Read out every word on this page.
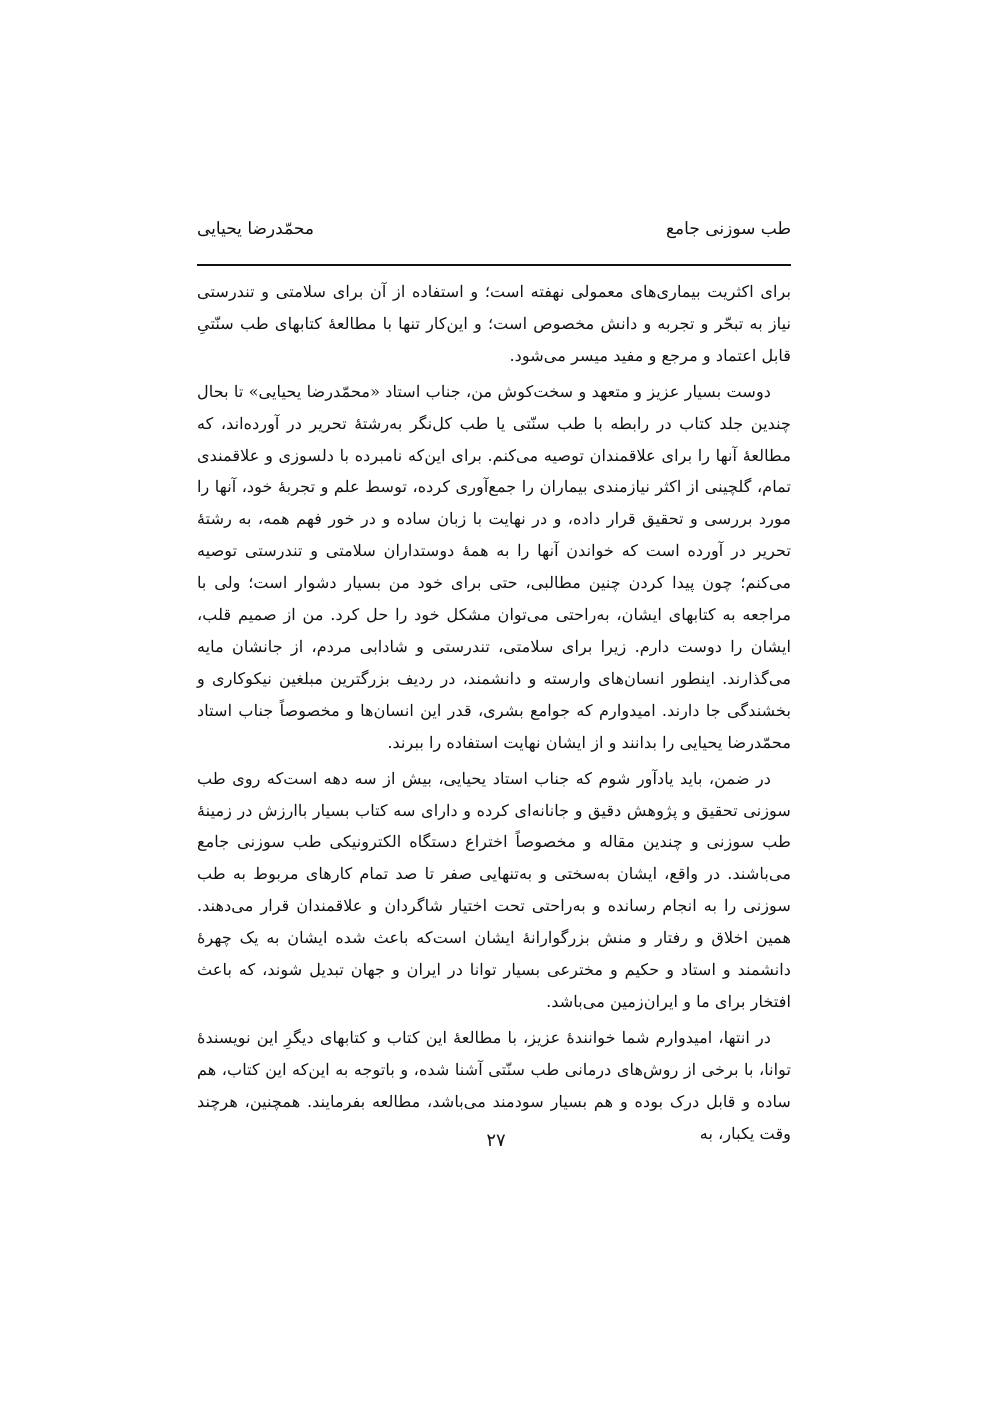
طب سوزنی جامع
محمّدرضا یحیایی

برای اکثریت بیماری‌های معمولی نهفته است؛ و استفاده از آن برای سلامتی و تندرستی نیاز به تبحّر و تجربه و دانش مخصوص است؛ و این‌کار تنها با مطالعهٔ کتابهای طب سنّتیِ قابل اعتماد و مرجع و مفید میسر می‌شود.

دوست بسیار عزیز و متعهد و سخت‌کوش من، جناب استاد «محمّدرضا یحیایی» تا بحال چندین جلد کتاب در رابطه با طب سنّتی یا طب کل‌نگر به‌رشتهٔ تحریر در آورده‌اند، که مطالعهٔ آنها را برای علاقمندان توصیه می‌کنم. برای این‌که نامبرده با دلسوزی و علاقمندی تمام، گلچینی از اکثر نیازمندی بیماران را جمع‌آوری کرده، توسط علم و تجربهٔ خود، آنها را مورد بررسی و تحقیق قرار داده، و در نهایت با زبان ساده و در خور فهم همه، به رشتهٔ تحریر در آورده است که خواندن آنها را به همهٔ دوستداران سلامتی و تندرستی توصیه می‌کنم؛ چون پیدا کردن چنین مطالبی، حتی برای خود من بسیار دشوار است؛ ولی با مراجعه به کتابهای ایشان، به‌راحتی می‌توان مشکل خود را حل کرد. من از صمیم قلب، ایشان را دوست دارم. زیرا برای سلامتی، تندرستی و شادابی مردم، از جانشان مایه می‌گذارند. اینطور انسان‌های وارسته و دانشمند، در ردیف بزرگترین مبلغین نیکوکاری و بخشندگی جا دارند. امیدوارم که جوامع بشری، قدر این انسان‌ها و مخصوصاً جناب استاد محمّدرضا یحیایی را بدانند و از ایشان نهایت استفاده را ببرند.

در ضمن، باید یادآور شوم که جناب استاد یحیایی، بیش از سه دهه است‌که روی طب سوزنی تحقیق و پژوهش دقیق و جانانه‌ای کرده و دارای سه کتاب بسیار باارزش در زمینهٔ طب سوزنی و چندین مقاله و مخصوصاً اختراع دستگاه الکترونیکی طب سوزنی جامع می‌باشند. در واقع، ایشان به‌سختی و به‌تنهایی صفر تا صد تمام کارهای مربوط به طب سوزنی را به انجام رسانده و به‌راحتی تحت اختیار شاگردان و علاقمندان قرار می‌دهند. همین اخلاق و رفتار و منش بزرگوارانهٔ ایشان است‌که باعث شده ایشان به یک چهرهٔ دانشمند و استاد و حکیم و مخترعی بسیار توانا در ایران و جهان تبدیل شوند، که باعث افتخار برای ما و ایران‌زمین می‌باشد.

در انتها، امیدوارم شما خوانندهٔ عزیز، با مطالعهٔ این کتاب و کتابهای دیگرِ این نویسندهٔ توانا، با برخی از روش‌های درمانی طب سنّتی آشنا شده، و باتوجه به این‌که این کتاب، هم ساده و قابل درک بوده و هم بسیار سودمند می‌باشد، مطالعه بفرمایند. همچنین، هرچند وقت یکبار، به

۲۷
